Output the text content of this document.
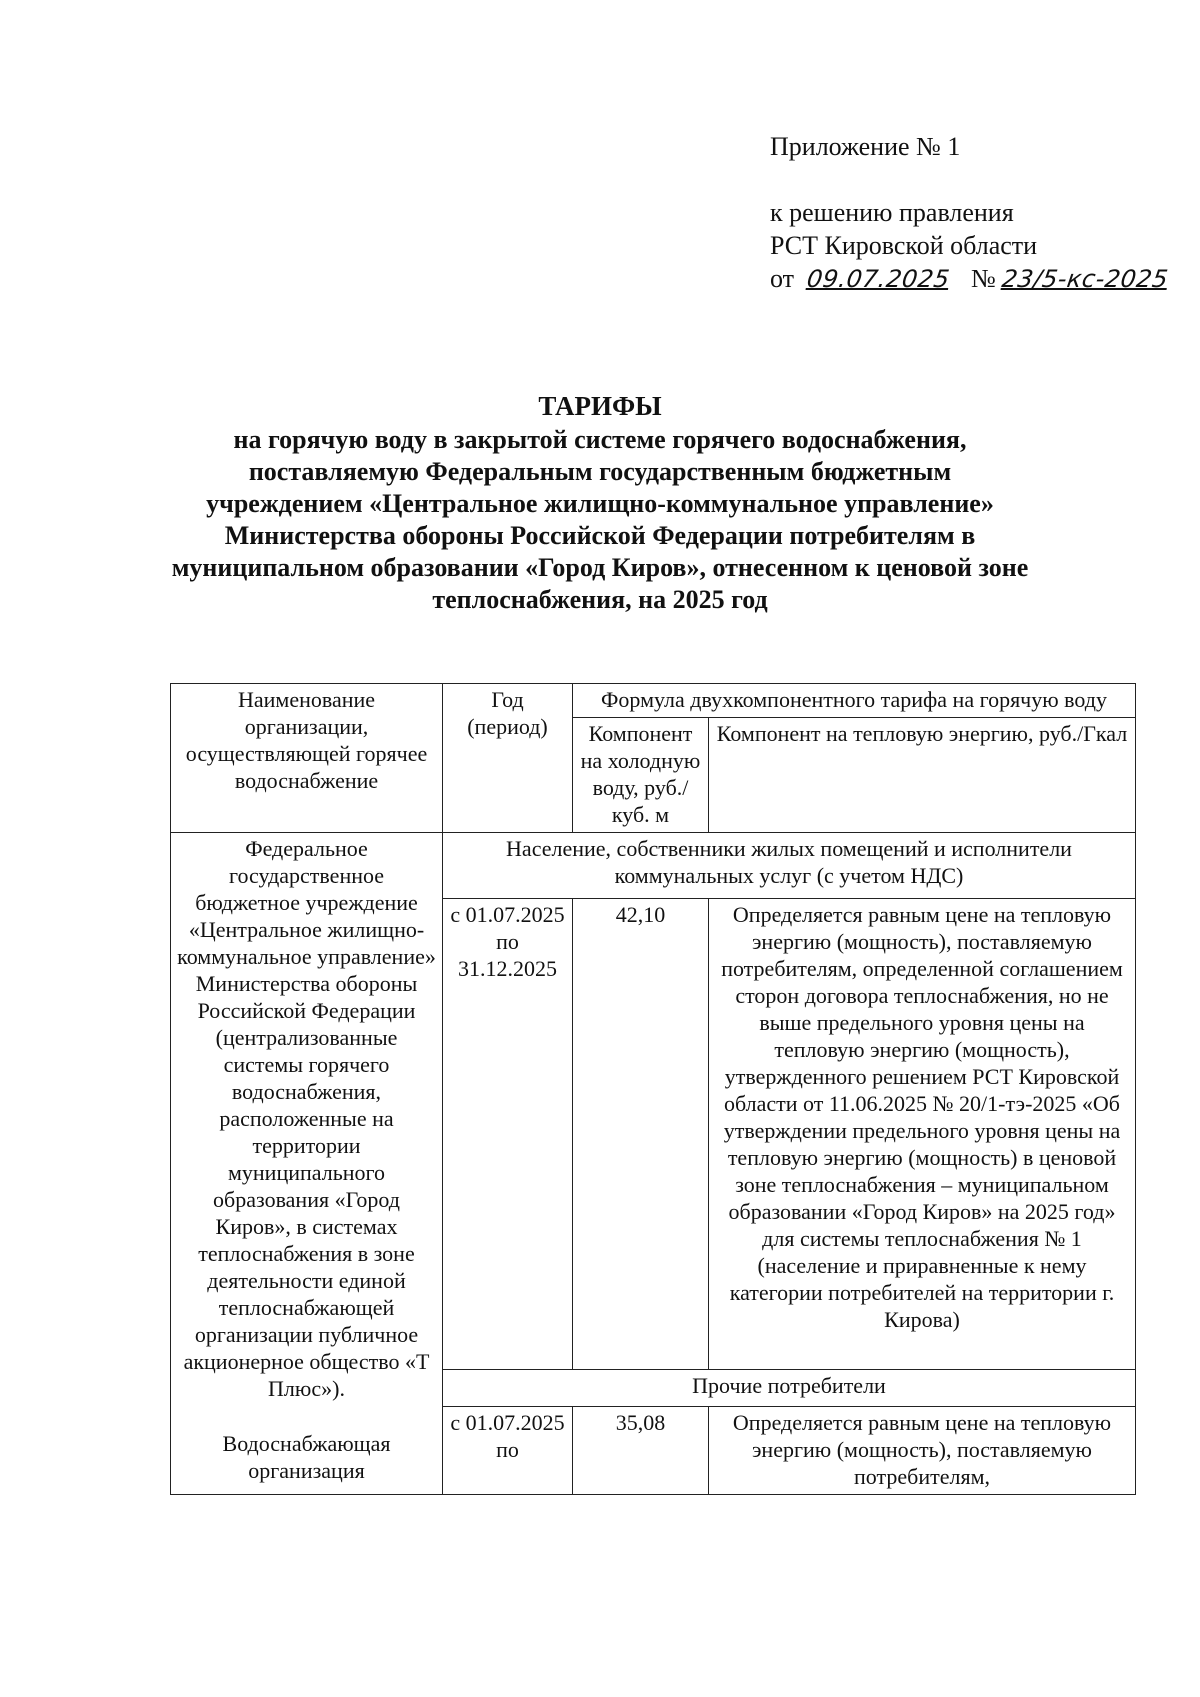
Приложение № 1
к решению правления
РСТ Кировской области
от 09.07.2025 № 23/5-кс-2025
ТАРИФЫ
на горячую воду в закрытой системе горячего водоснабжения,
поставляемую Федеральным государственным бюджетным
учреждением «Центральное жилищно-коммунальное управление»
Министерства обороны Российской Федерации потребителям в
муниципальном образовании «Город Киров», отнесенном к ценовой зоне
теплоснабжения, на 2025 год
Наименование организации, осуществляющей горячее водоснабжение	Год (период)	Формула двухкомпонентного тарифа на горячую воду	
		Компонент на холодную воду, руб./куб. м	Компонент на тепловую энергию, руб./Гкал
Федеральное государственное бюджетное учреждение «Центральное жилищно-коммунальное управление» Министерства обороны Российской Федерации (централизованные системы горячего водоснабжения, расположенные на территории муниципального образования «Город Киров», в системах теплоснабжения в зоне деятельности единой теплоснабжающей организации публичное акционерное общество «Т Плюс»).	Население, собственники жилых помещений и исполнители коммунальных услуг (с учетом НДС)		
	с 01.07.2025 по 31.12.2025	42,10	Определяется равным цене на тепловую энергию (мощность), поставляемую потребителям, определенной соглашением сторон договора теплоснабжения, но не выше предельного уровня цены на тепловую энергию (мощность), утвержденного решением РСТ Кировской области от 11.06.2025 № 20/1-тэ-2025 «Об утверждении предельного уровня цены на тепловую энергию (мощность) в ценовой зоне теплоснабжения – муниципальном образовании «Город Киров» на 2025 год» для системы теплоснабжения № 1 (население и приравненные к нему категории потребителей на территории г. Кирова)
	Прочие потребители		
Водоснабжающая организация	с 01.07.2025 по	35,08	Определяется равным цене на тепловую энергию (мощность), поставляемую потребителям,
